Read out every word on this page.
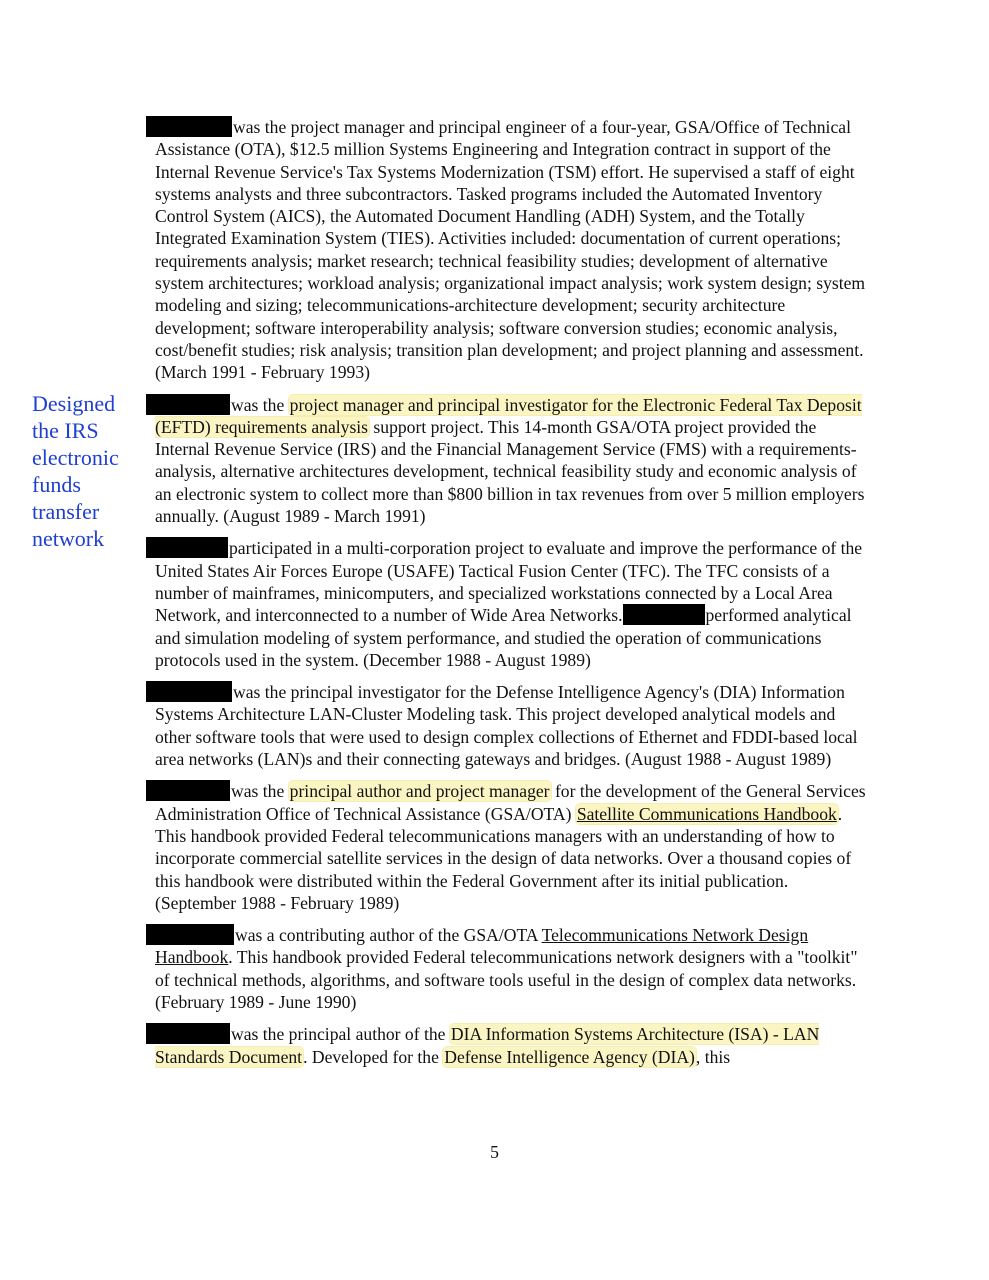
Designed
the IRS
electronic
funds
transfer
network

was the project manager and principal engineer of a four-year, GSA/Office of Technical Assistance (OTA), $12.5 million Systems Engineering and Integration contract in support of the Internal Revenue Service's Tax Systems Modernization (TSM) effort. He supervised a staff of eight systems analysts and three subcontractors. Tasked programs included the Automated Inventory Control System (AICS), the Automated Document Handling (ADH) System, and the Totally Integrated Examination System (TIES). Activities included: documentation of current operations; requirements analysis; market research; technical feasibility studies; development of alternative system architectures; workload analysis; organizational impact analysis; work system design; system modeling and sizing; telecommunications-architecture development; security architecture development; software interoperability analysis; software conversion studies; economic analysis, cost/benefit studies; risk analysis; transition plan development; and project planning and assessment. (March 1991 - February 1993)

was the project manager and principal investigator for the Electronic Federal Tax Deposit (EFTD) requirements analysis support project. This 14-month GSA/OTA project provided the Internal Revenue Service (IRS) and the Financial Management Service (FMS) with a requirements-analysis, alternative architectures development, technical feasibility study and economic analysis of an electronic system to collect more than $800 billion in tax revenues from over 5 million employers annually. (August 1989 - March 1991)

participated in a multi-corporation project to evaluate and improve the performance of the United States Air Forces Europe (USAFE) Tactical Fusion Center (TFC). The TFC consists of a number of mainframes, minicomputers, and specialized workstations connected by a Local Area Network, and interconnected to a number of Wide Area Networks.	performed analytical and simulation modeling of system performance, and studied the operation of communications protocols used in the system. (December 1988 - August 1989)

was the principal investigator for the Defense Intelligence Agency's (DIA) Information Systems Architecture LAN-Cluster Modeling task. This project developed analytical models and other software tools that were used to design complex collections of Ethernet and FDDI-based local area networks (LAN)s and their connecting gateways and bridges. (August 1988 - August 1989)

was the principal author and project manager for the development of the General Services Administration Office of Technical Assistance (GSA/OTA) Satellite Communications Handbook. This handbook provided Federal telecommunications managers with an understanding of how to incorporate commercial satellite services in the design of data networks. Over a thousand copies of this handbook were distributed within the Federal Government after its initial publication. (September 1988 - February 1989)

was a contributing author of the GSA/OTA Telecommunications Network Design Handbook. This handbook provided Federal telecommunications network designers with a "toolkit" of technical methods, algorithms, and software tools useful in the design of complex data networks. (February 1989 - June 1990)

was the principal author of the DIA Information Systems Architecture (ISA) - LAN Standards Document. Developed for the Defense Intelligence Agency (DIA), this

5
